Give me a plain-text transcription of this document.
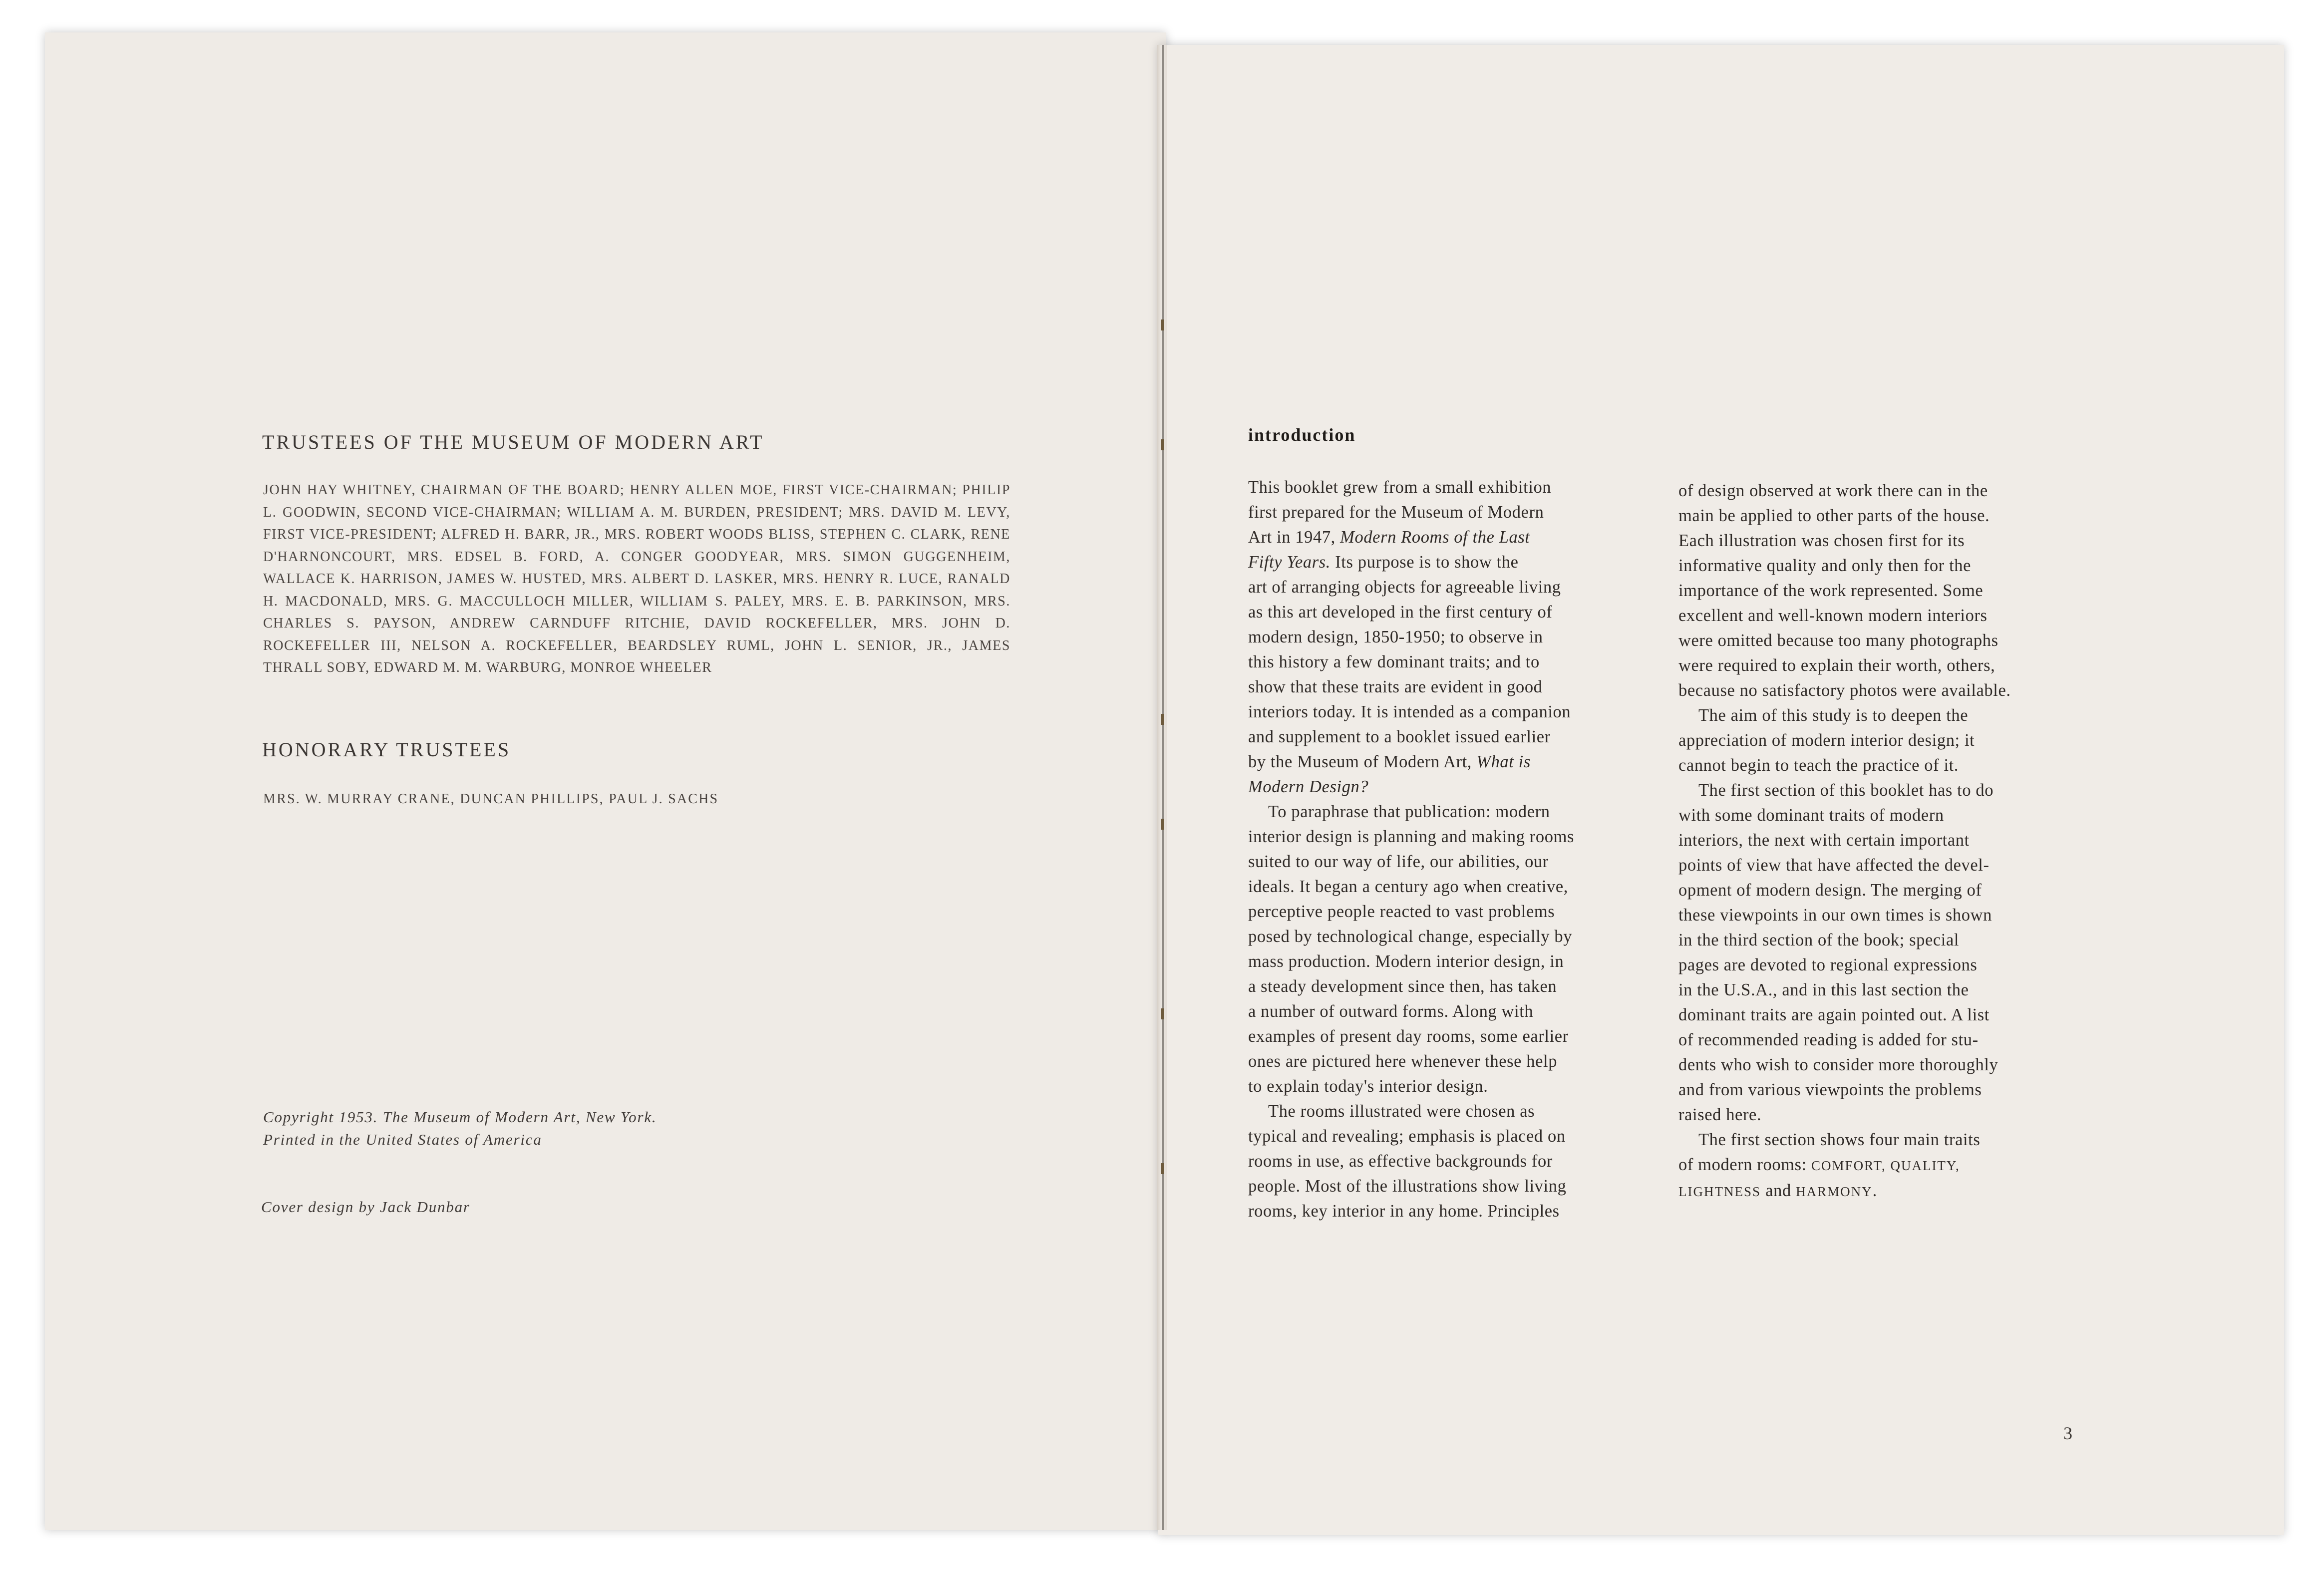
TRUSTEES OF THE MUSEUM OF MODERN ART
JOHN HAY WHITNEY, CHAIRMAN OF THE BOARD; HENRY ALLEN MOE, FIRST VICE-CHAIRMAN; PHILIP L. GOODWIN, SECOND VICE-CHAIRMAN; WILLIAM A. M. BURDEN, PRESIDENT; MRS. DAVID M. LEVY, FIRST VICE-PRESIDENT; ALFRED H. BARR, JR., MRS. ROBERT WOODS BLISS, STEPHEN C. CLARK, RENE D'HARNONCOURT, MRS. EDSEL B. FORD, A. CONGER GOODYEAR, MRS. SIMON GUGGENHEIM, WALLACE K. HARRISON, JAMES W. HUSTED, MRS. ALBERT D. LASKER, MRS. HENRY R. LUCE, RANALD H. MACDONALD, MRS. G. MACCULLOCH MILLER, WILLIAM S. PALEY, MRS. E. B. PARKINSON, MRS. CHARLES S. PAYSON, ANDREW CARNDUFF RITCHIE, DAVID ROCKEFELLER, MRS. JOHN D. ROCKEFELLER III, NELSON A. ROCKEFELLER, BEARDSLEY RUML, JOHN L. SENIOR, JR., JAMES THRALL SOBY, EDWARD M. M. WARBURG, MONROE WHEELER
HONORARY TRUSTEES
MRS. W. MURRAY CRANE, DUNCAN PHILLIPS, PAUL J. SACHS
Copyright 1953. The Museum of Modern Art, New York.
Printed in the United States of America
Cover design by Jack Dunbar
introduction
This booklet grew from a small exhibition
first prepared for the Museum of Modern
Art in 1947, Modern Rooms of the Last
Fifty Years. Its purpose is to show the
art of arranging objects for agreeable living
as this art developed in the first century of
modern design, 1850-1950; to observe in
this history a few dominant traits; and to
show that these traits are evident in good
interiors today. It is intended as a companion
and supplement to a booklet issued earlier
by the Museum of Modern Art, What is
Modern Design?
To paraphrase that publication: modern
interior design is planning and making rooms
suited to our way of life, our abilities, our
ideals. It began a century ago when creative,
perceptive people reacted to vast problems
posed by technological change, especially by
mass production. Modern interior design, in
a steady development since then, has taken
a number of outward forms. Along with
examples of present day rooms, some earlier
ones are pictured here whenever these help
to explain today's interior design.
The rooms illustrated were chosen as
typical and revealing; emphasis is placed on
rooms in use, as effective backgrounds for
people. Most of the illustrations show living
rooms, key interior in any home. Principles
of design observed at work there can in the
main be applied to other parts of the house.
Each illustration was chosen first for its
informative quality and only then for the
importance of the work represented. Some
excellent and well-known modern interiors
were omitted because too many photographs
were required to explain their worth, others,
because no satisfactory photos were available.
The aim of this study is to deepen the
appreciation of modern interior design; it
cannot begin to teach the practice of it.
The first section of this booklet has to do
with some dominant traits of modern
interiors, the next with certain important
points of view that have affected the devel-
opment of modern design. The merging of
these viewpoints in our own times is shown
in the third section of the book; special
pages are devoted to regional expressions
in the U.S.A., and in this last section the
dominant traits are again pointed out. A list
of recommended reading is added for stu-
dents who wish to consider more thoroughly
and from various viewpoints the problems
raised here.
The first section shows four main traits
of modern rooms: COMFORT, QUALITY,
LIGHTNESS and HARMONY.
3
